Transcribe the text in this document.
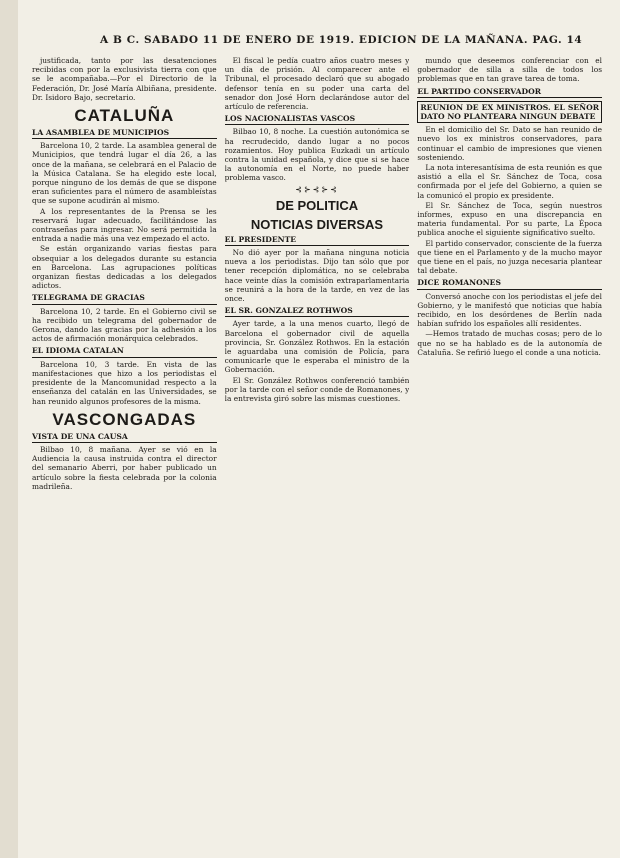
A B C. SABADO 11 DE ENERO DE 1919. EDICION DE LA MAÑANA. PAG. 14

justificada, tanto por las desatenciones recibidas con por la exclusivista tierra con que se le acompañaba.—Por el Directorio de la Federación, Dr. José María Albiñana, presidente. Dr. Isidoro Bajo, secretario.

CATALUÑA
LA ASAMBLEA DE MUNICIPIOS

Barcelona 10, 2 tarde. La asamblea general de Municipios, que tendrá lugar el día 26, a las once de la mañana, se celebrará en el Palacio de la Música Catalana. Se ha elegido este local, porque ninguno de los demás de que se dispone eran suficientes para el número de asambleístas que se supone acudirán al mismo.

A los representantes de la Prensa se les reservará lugar adecuado, facilitándose las contraseñas para ingresar. No será permitida la entrada a nadie más una vez empezado el acto.

Se están organizando varias fiestas para obsequiar a los delegados durante su estancia en Barcelona. Las agrupaciones políticas organizan fiestas dedicadas a los delegados adictos.

TELEGRAMA DE GRACIAS

Barcelona 10, 2 tarde. En el Gobierno civil se ha recibido un telegrama del gobernador de Gerona, dando las gracias por la adhesión a los actos de afirmación monárquica celebrados.

EL IDIOMA CATALAN

Barcelona 10, 3 tarde. En vista de las manifestaciones que hizo a los periodistas el presidente de la Mancomunidad respecto a la enseñanza del catalán en las Universidades, se han reunido algunos profesores de la misma.

VASCONGADAS
VISTA DE UNA CAUSA

Bilbao 10, 8 mañana. Ayer se vió en la Audiencia la causa instruida contra el director del semanario Aberri, por haber publicado un artículo sobre la fiesta celebrada por la colonia madrileña.

El fiscal le pedía cuatro años cuatro meses y un día de prisión. Al comparecer ante el Tribunal, el procesado declaró que su abogado defensor tenía en su poder una carta del senador don José Horn declarándose autor del artículo de referencia.

LOS NACIONALISTAS VASCOS

Bilbao 10, 8 noche. La cuestión autonómica se ha recrudecido, dando lugar a no pocos rozamientos. Hoy publica Euzkadi un artículo contra la unidad española, y dice que si se hace la autonomía en el Norte, no puede haber problema vasco.

⊰⊱⊰⊱⊰
DE POLITICA
NOTICIAS DIVERSAS
EL PRESIDENTE

No dió ayer por la mañana ninguna noticia nueva a los periodistas. Dijo tan sólo que por tener recepción diplomática, no se celebraba hace veinte días la comisión extraparlamentaria se reunirá a la hora de la tarde, en vez de las once.

EL SR. GONZALEZ ROTHWOS

Ayer tarde, a la una menos cuarto, llegó de Barcelona el gobernador civil de aquella provincia, Sr. González Rothwos. En la estación le aguardaba una comisión de Policía, para comunicarle que le esperaba el ministro de la Gobernación.

El Sr. González Rothwos conferenció también por la tarde con el señor conde de Romanones, y la entrevista giró sobre las mismas cuestiones.

mundo que deseemos conferenciar con el gobernador de silla a silla de todos los problemas que en tan grave tarea de toma.

EL PARTIDO CONSERVADOR
REUNION DE EX MINISTROS. EL SEÑOR DATO NO PLANTEARA NINGUN DEBATE

En el domicilio del Sr. Dato se han reunido de nuevo los ex ministros conservadores, para continuar el cambio de impresiones que vienen sosteniendo.

La nota interesantísima de esta reunión es que asistió a ella el Sr. Sánchez de Toca, cosa confirmada por el jefe del Gobierno, a quien se la comunicó el propio ex presidente.

El Sr. Sánchez de Toca, según nuestros informes, expuso en una discrepancia en materia fundamental. Por su parte, La Época publica anoche el siguiente significativo suelto.

El partido conservador, consciente de la fuerza que tiene en el Parlamento y de la mucho mayor que tiene en el país, no juzga necesaria plantear tal debate.

DICE ROMANONES

Conversó anoche con los periodistas el jefe del Gobierno, y le manifestó que noticias que había recibido, en los desórdenes de Berlín nada habían sufrido los españoles allí residentes.

—Hemos tratado de muchas cosas; pero de lo que no se ha hablado es de la autonomía de Cataluña. Se refirió luego el conde a una noticia.
